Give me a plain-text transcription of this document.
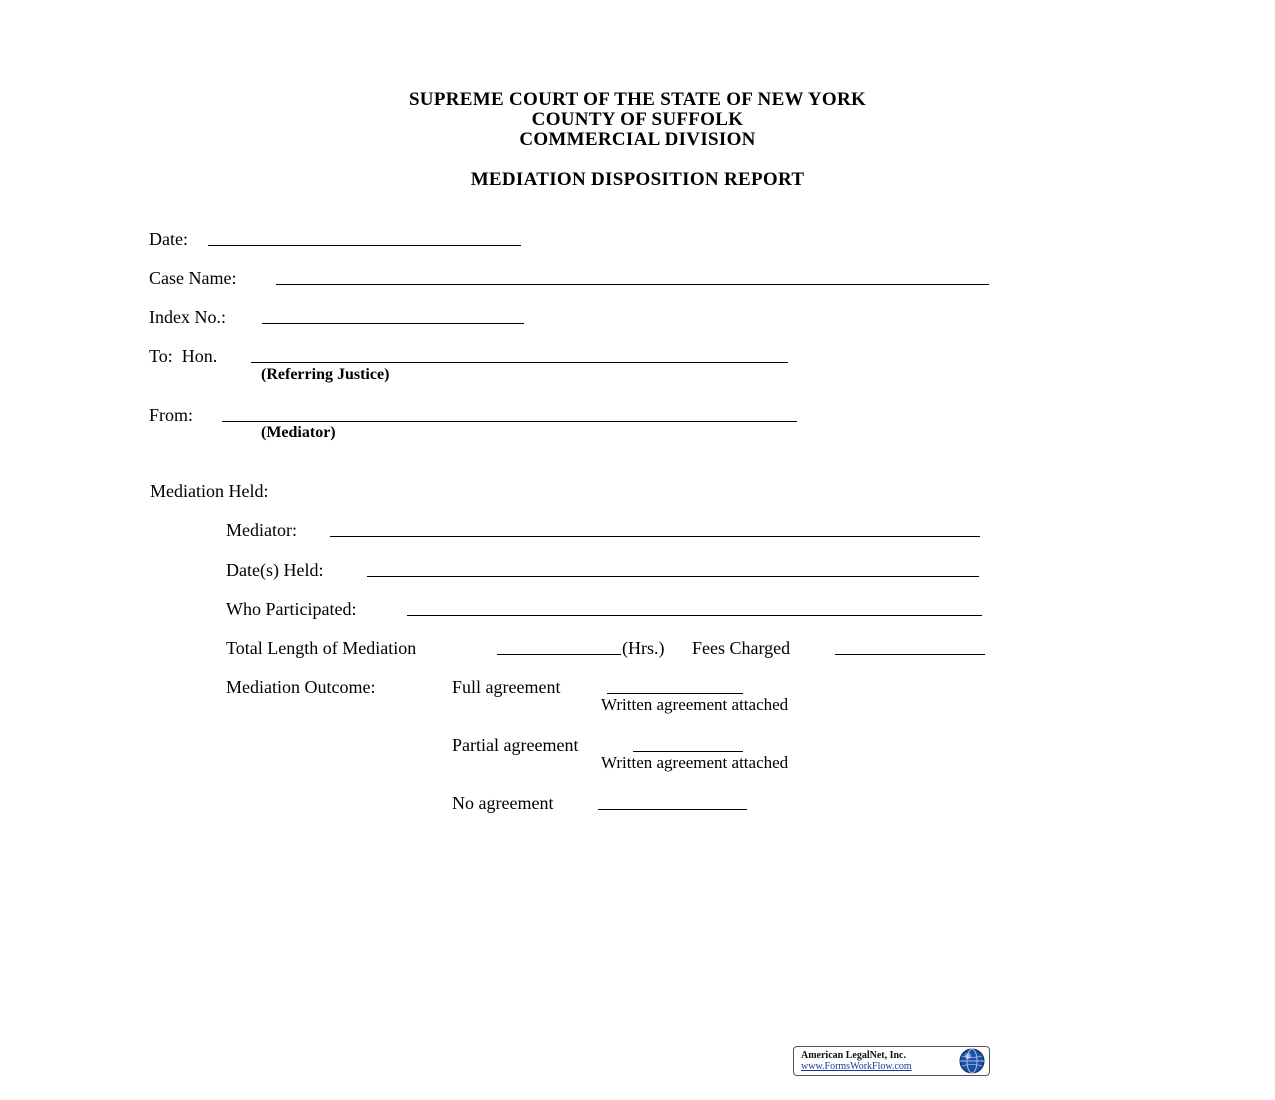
SUPREME COURT OF THE STATE OF NEW YORK
COUNTY OF SUFFOLK
COMMERCIAL DIVISION
MEDIATION DISPOSITION REPORT
Date:
Case Name:
Index No.:
To:  Hon.
(Referring Justice)
From:
(Mediator)
Mediation Held:
Mediator:
Date(s) Held:
Who Participated:
Total Length of Mediation	(Hrs.) Fees Charged
Mediation Outcome:	Full agreement
Written agreement attached
Partial agreement
Written agreement attached
No agreement
American LegalNet, Inc.
www.FormsWorkFlow.com
